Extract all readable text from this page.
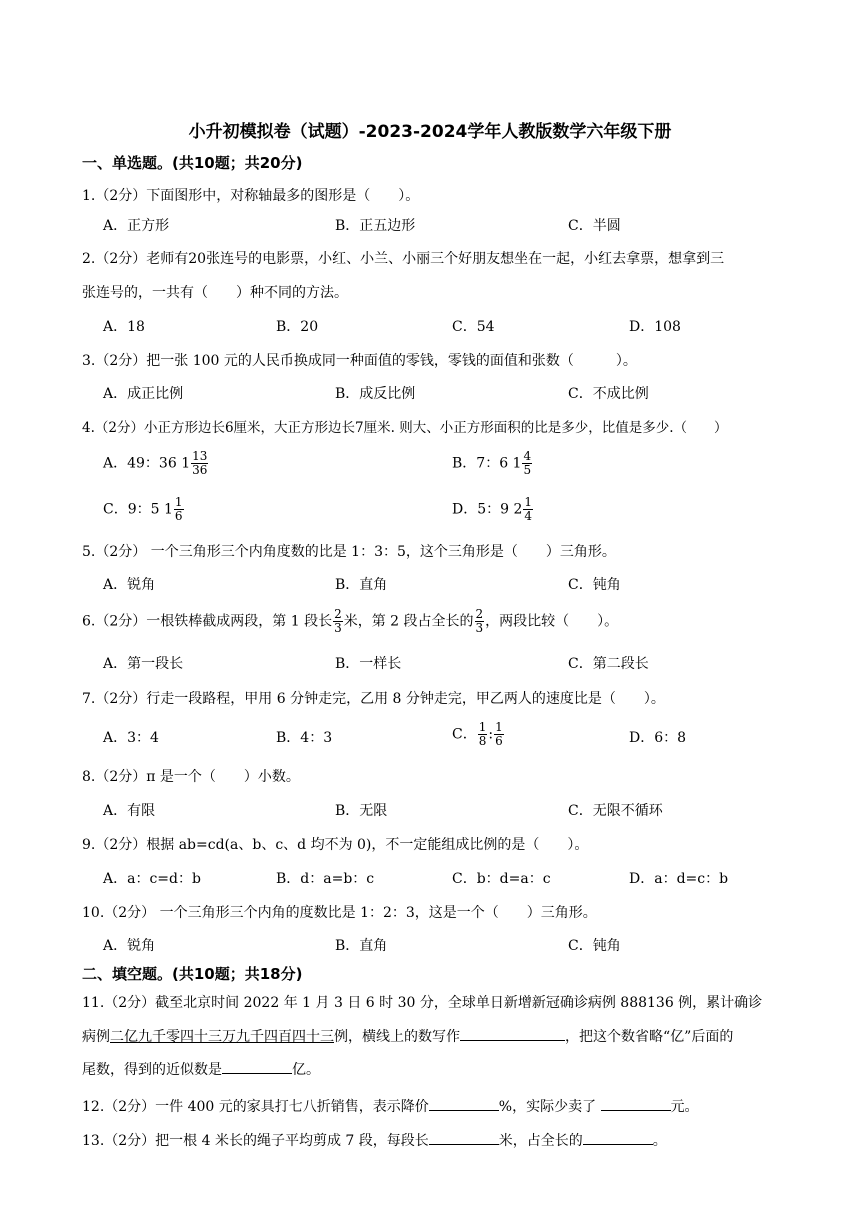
小升初模拟卷（试题）-2023-2024学年人教版数学六年级下册
一、单选题。(共10题；共20分)
1.（2分）下面图形中，对称轴最多的图形是（　　）。
A．正方形	B．正五边形	C．半圆
2.（2分）老师有20张连号的电影票，小红、小兰、小丽三个好朋友想坐在一起，小红去拿票，想拿到三
张连号的，一共有（　　）种不同的方法。
A．18	B．20	C．54	D．108
3.（2分）把一张 100 元的人民币换成同一种面值的零钱，零钱的面值和张数（　　　）。
A．成正比例	B．成反比例	C．不成比例
4.（2分）小正方形边长6厘米，大正方形边长7厘米. 则大、小正方形面积的比是多少，比值是多少.（　　）
A．49：36 $1 \frac{13}{36}$	B．7：6 $1 \frac{4}{5}$
C．9：5 $1 \frac{1}{6}$	D．5：9 $2 \frac{1}{4}$
5.（2分） 一个三角形三个内角度数的比是 1：3：5，这个三角形是（　　）三角形。
A．锐角	B．直角	C．钝角
6.（2分）一根铁棒截成两段，第 1 段长 $\frac{2}{3}$ 米，第 2 段占全长的 $\frac{2}{3}$ ，两段比较（　　）。
A．第一段长	B．一样长	C．第二段长
7.（2分）行走一段路程，甲用 6 分钟走完，乙用 8 分钟走完，甲乙两人的速度比是（　　）。
A．3：4	B．4：3	C． $\frac{1}{8}$ : $\frac{1}{6}$	D．6：8
8.（2分）π 是一个（　　）小数。
A．有限	B．无限	C．无限不循环
9.（2分）根据 ab=cd(a、b、c、d 均不为 0)，不一定能组成比例的是（　　）。
A．a：c=d：b	B．d：a=b：c	C．b：d=a：c	D．a：d=c：b
10.（2分） 一个三角形三个内角的度数比是 1：2：3，这是一个（　　）三角形。
A．锐角	B．直角	C．钝角
二、填空题。(共10题；共18分)
11.（2分）截至北京时间 2022 年 1 月 3 日 6 时 30 分，全球单日新增新冠确诊病例 888136 例，累计确诊
病例二亿九千零四十三万九千四百四十三例，横线上的数写作	，把这个数省略“亿”后面的
尾数，得到的近似数是	亿。
12.（2分）一件 400 元的家具打七八折销售，表示降价	%，实际少卖了	元。
13.（2分）把一根 4 米长的绳子平均剪成 7 段，每段长	米，占全长的	。
